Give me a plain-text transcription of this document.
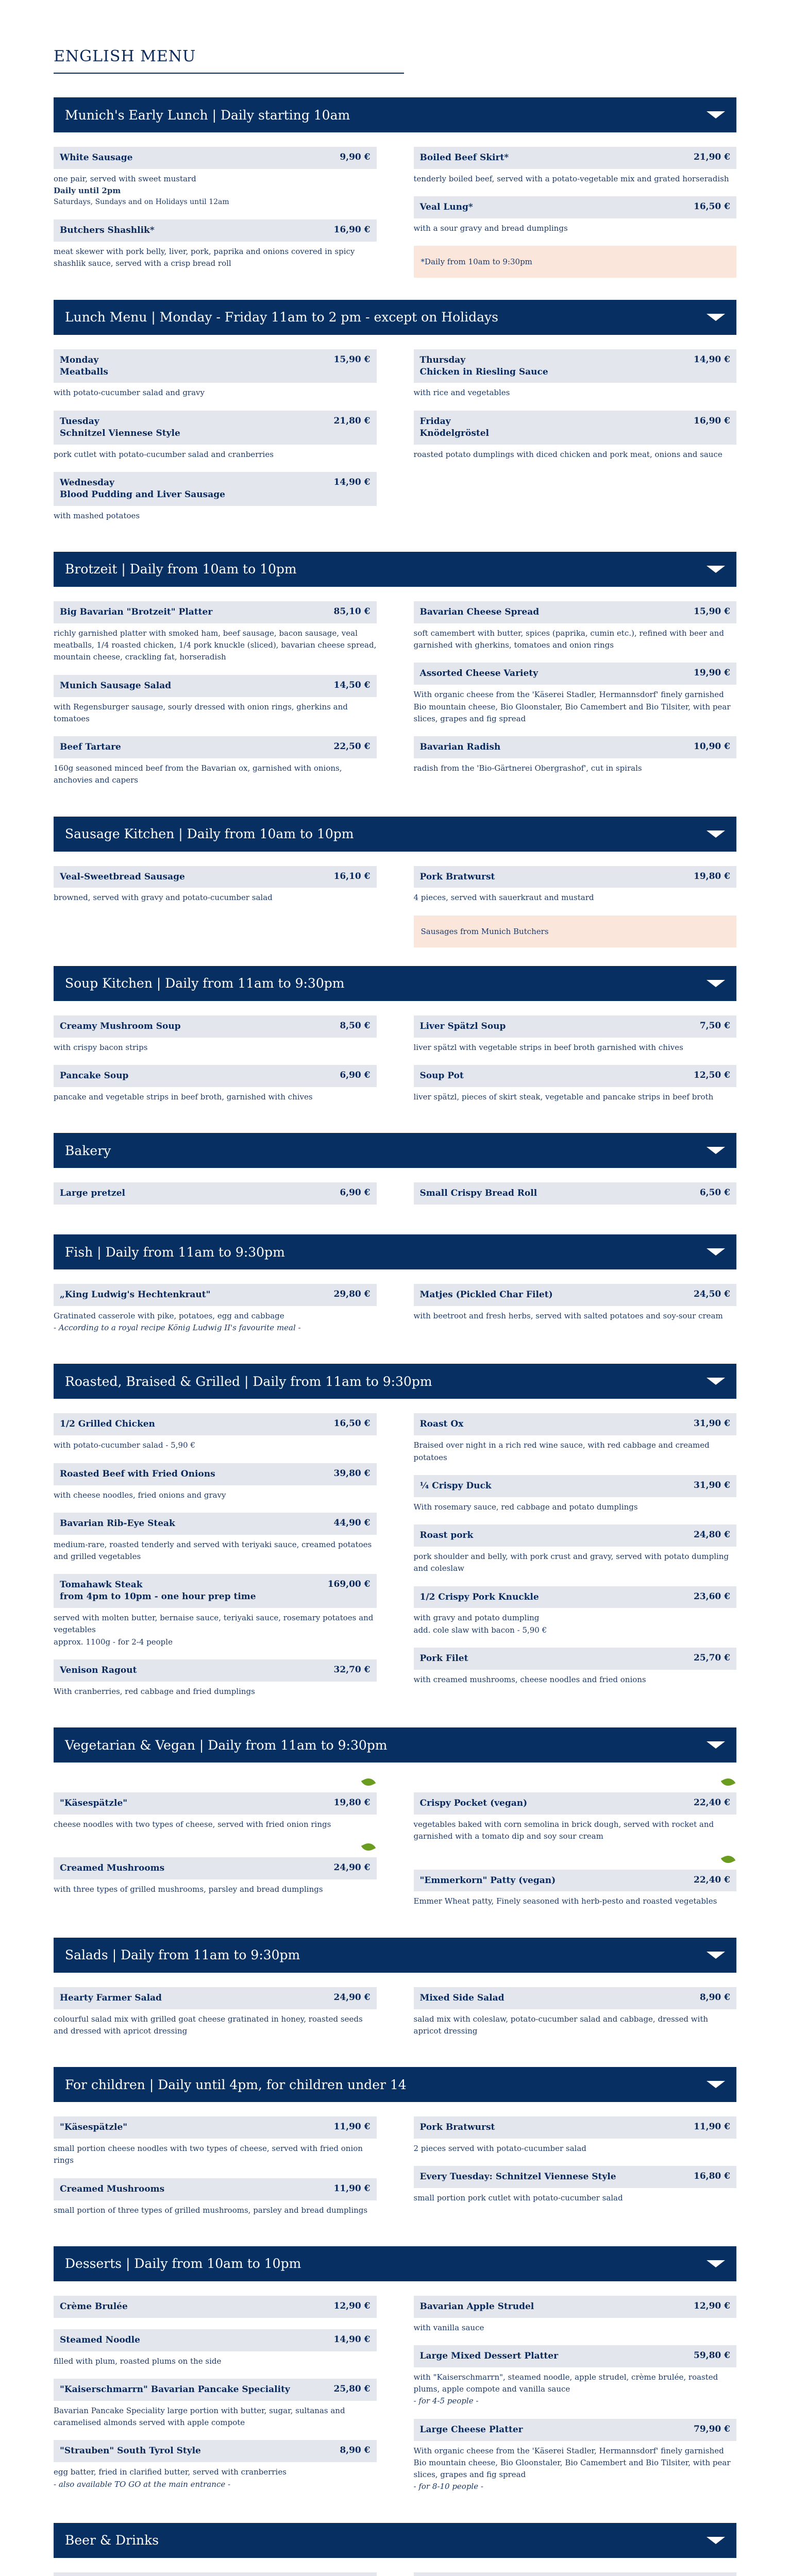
ENGLISH MENU
Munich's Early Lunch | Daily starting 10am
White Sausage	9,90 €
one pair, served with sweet mustard
Daily until 2pm
Saturdays, Sundays and on Holidays until 12am
Butchers Shashlik*	16,90 €
meat skewer with pork belly, liver, pork, paprika and onions covered in spicy shashlik sauce, served with a crisp bread roll
Boiled Beef Skirt*	21,90 €
tenderly boiled beef, served with a potato-vegetable mix and grated horseradish
Veal Lung*	16,50 €
with a sour gravy and bread dumplings
*Daily from 10am to 9:30pm
Lunch Menu | Monday - Friday 11am to 2 pm - except on Holidays
Monday
Meatballs
15,90 €
with potato-cucumber salad and gravy
Tuesday
Schnitzel Viennese Style
21,80 €
pork cutlet with potato-cucumber salad and cranberries
Wednesday
Blood Pudding and Liver Sausage
14,90 €
with mashed potatoes
Thursday
Chicken in Riesling Sauce
14,90 €
with rice and vegetables
Friday
Knödelgröstel
16,90 €
roasted potato dumplings with diced chicken and pork meat, onions and sauce
Brotzeit | Daily from 10am to 10pm
Big Bavarian "Brotzeit" Platter	85,10 €
richly garnished platter with smoked ham, beef sausage, bacon sausage, veal meatballs, 1/4 roasted chicken, 1/4 pork knuckle (sliced), bavarian cheese spread, mountain cheese, crackling fat, horseradish
Munich Sausage Salad	14,50 €
with Regensburger sausage, sourly dressed with onion rings, gherkins and tomatoes
Beef Tartare	22,50 €
160g seasoned minced beef from the Bavarian ox, garnished with onions, anchovies and capers
Bavarian Cheese Spread	15,90 €
soft camembert with butter, spices (paprika, cumin etc.), refined with beer and garnished with gherkins, tomatoes and onion rings
Assorted Cheese Variety	19,90 €
With organic cheese from the 'Käserei Stadler, Hermannsdorf' finely garnished Bio mountain cheese, Bio Gloonstaler, Bio Camembert and Bio Tilsiter, with pear slices, grapes and fig spread
Bavarian Radish	10,90 €
radish from the 'Bio-Gärtnerei Obergrashof', cut in spirals
Sausage Kitchen | Daily from 10am to 10pm
Veal-Sweetbread Sausage	16,10 €
browned, served with gravy and potato-cucumber salad
Pork Bratwurst	19,80 €
4 pieces, served with sauerkraut and mustard
Sausages from Munich Butchers
Soup Kitchen | Daily from 11am to 9:30pm
Creamy Mushroom Soup	8,50 €
with crispy bacon strips
Pancake Soup	6,90 €
pancake and vegetable strips in beef broth, garnished with chives
Liver Spätzl Soup	7,50 €
liver spätzl with vegetable strips in beef broth garnished with chives
Soup Pot	12,50 €
liver spätzl, pieces of skirt steak, vegetable and pancake strips in beef broth
Bakery
Large pretzel	6,90 €	Small Crispy Bread Roll	6,50 €
Fish | Daily from 11am to 9:30pm
„King Ludwig's Hechtenkraut"	29,80 €
Gratinated casserole with pike, potatoes, egg and cabbage
- According to a royal recipe König Ludwig II's favourite meal -
Matjes (Pickled Char Filet)	24,50 €
with beetroot and fresh herbs, served with salted potatoes and soy-sour cream
Roasted, Braised & Grilled | Daily from 11am to 9:30pm
1/2 Grilled Chicken	16,50 €
with potato-cucumber salad - 5,90 €
Roasted Beef with Fried Onions	39,80 €
with cheese noodles, fried onions and gravy
Bavarian Rib-Eye Steak	44,90 €
medium-rare, roasted tenderly and served with teriyaki sauce, creamed potatoes and grilled vegetables
Tomahawk Steak
from 4pm to 10pm - one hour prep time
169,00 €
served with molten butter, bernaise sauce, teriyaki sauce, rosemary potatoes and vegetables
approx. 1100g - for 2-4 people
Venison Ragout	32,70 €
With cranberries, red cabbage and fried dumplings
Roast Ox	31,90 €
Braised over night in a rich red wine sauce, with red cabbage and creamed potatoes
¼ Crispy Duck	31,90 €
With rosemary sauce, red cabbage and potato dumplings
Roast pork	24,80 €
pork shoulder and belly, with pork crust and gravy, served with potato dumpling and coleslaw
1/2 Crispy Pork Knuckle	23,60 €
with gravy and potato dumpling
add. cole slaw with bacon - 5,90 €
Pork Filet	25,70 €
with creamed mushrooms, cheese noodles and fried onions
Vegetarian & Vegan | Daily from 11am to 9:30pm
"Käsespätzle"	19,80 €
cheese noodles with two types of cheese, served with fried onion rings
Creamed Mushrooms	24,90 €
with three types of grilled mushrooms, parsley and bread dumplings
Crispy Pocket (vegan)	22,40 €
vegetables baked with corn semolina in brick dough, served with rocket and garnished with a tomato dip and soy sour cream
"Emmerkorn" Patty (vegan)	22,40 €
Emmer Wheat patty, Finely seasoned with herb-pesto and roasted vegetables
Salads | Daily from 11am to 9:30pm
Hearty Farmer Salad	24,90 €
colourful salad mix with grilled goat cheese gratinated in honey, roasted seeds and dressed with apricot dressing
Mixed Side Salad	8,90 €
salad mix with coleslaw, potato-cucumber salad and cabbage, dressed with apricot dressing
For children | Daily until 4pm, for children under 14
"Käsespätzle"	11,90 €
small portion cheese noodles with two types of cheese, served with fried onion rings
Creamed Mushrooms	11,90 €
small portion of three types of grilled mushrooms, parsley and bread dumplings
Pork Bratwurst	11,90 €
2 pieces served with potato-cucumber salad
Every Tuesday: Schnitzel Viennese Style	16,80 €
small portion pork cutlet with potato-cucumber salad
Desserts | Daily from 10am to 10pm
Crème Brulée	12,90 €
Steamed Noodle	14,90 €
filled with plum, roasted plums on the side
"Kaiserschmarrn" Bavarian Pancake Speciality	25,80 €
Bavarian Pancake Speciality large portion with butter, sugar, sultanas and caramelised almonds served with apple compote
"Strauben" South Tyrol Style	8,90 €
egg batter, fried in clarified butter, served with cranberries
- also available TO GO at the main entrance -
Bavarian Apple Strudel	12,90 €
with vanilla sauce
Large Mixed Dessert Platter	59,80 €
with "Kaiserschmarrn", steamed noodle, apple strudel, crème brulée, roasted plums, apple compote and vanilla sauce
- for 4-5 people -
Large Cheese Platter	79,90 €
With organic cheese from the 'Käserei Stadler, Hermannsdorf' finely garnished Bio mountain cheese, Bio Gloonstaler, Bio Camembert and Bio Tilsiter, with pear slices, grapes and fig spread
- for 8-10 people -
Beer & Drinks
